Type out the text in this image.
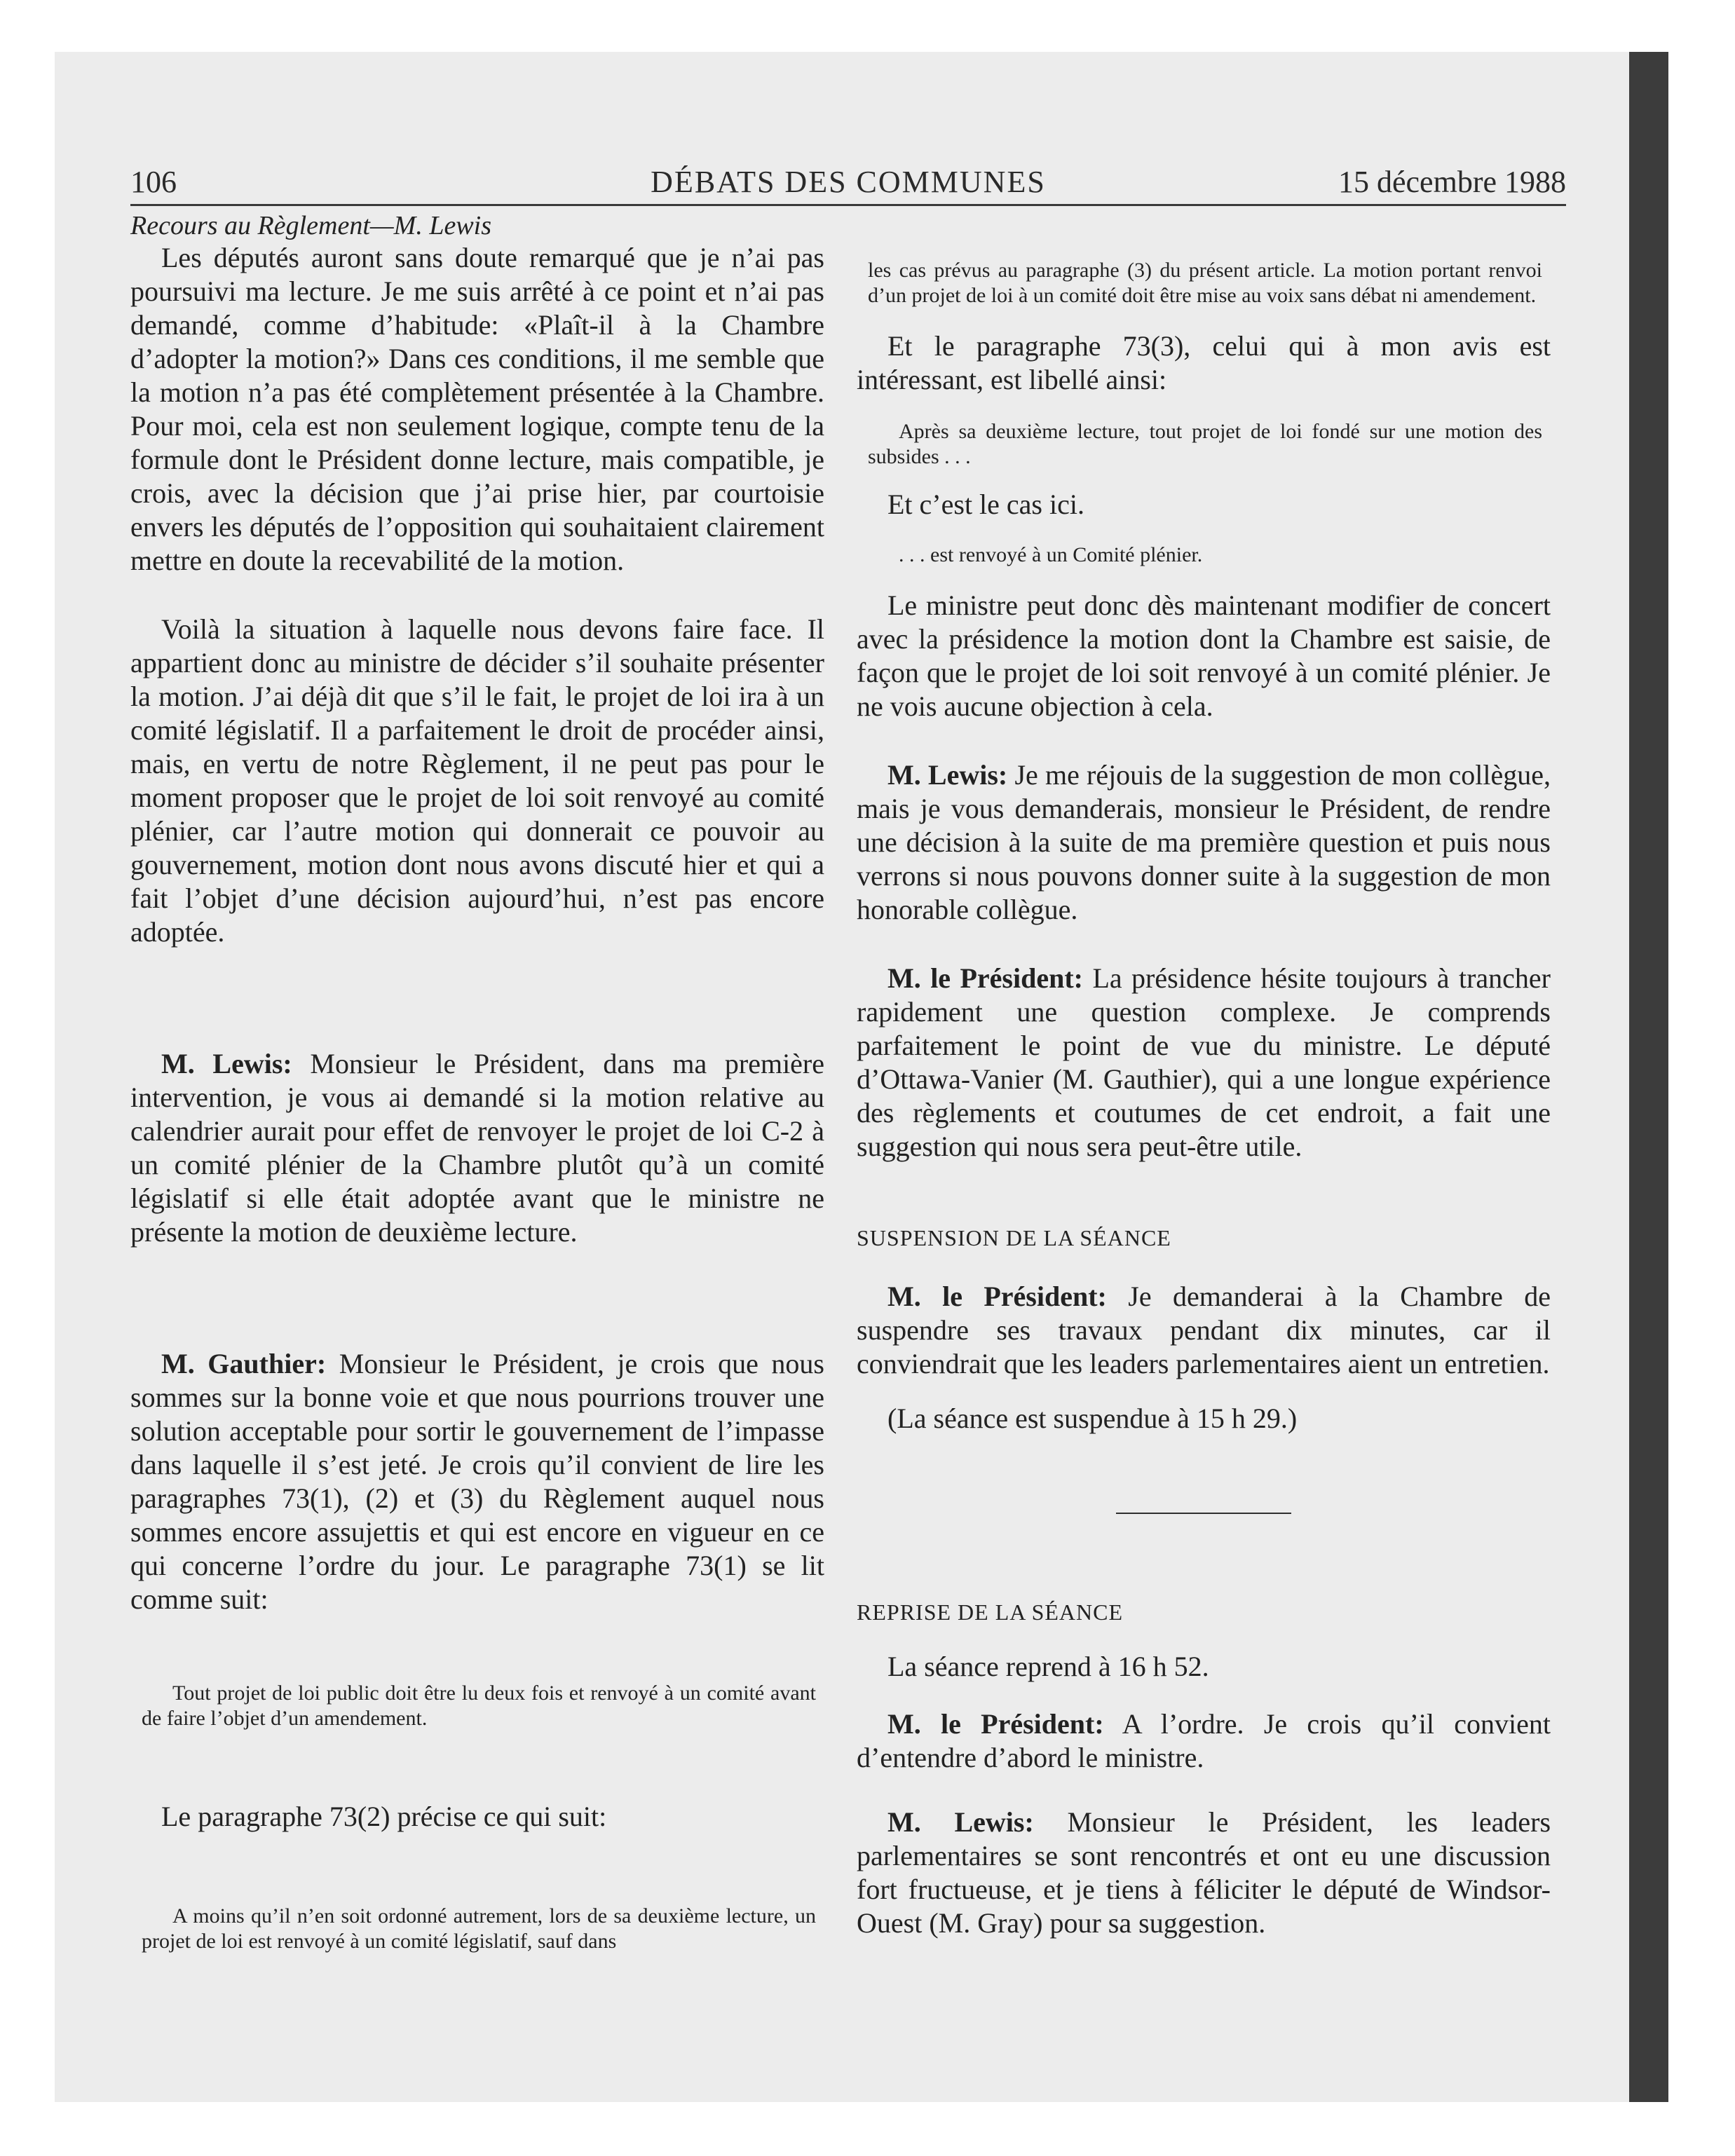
106	DÉBATS DES COMMUNES	15 décembre 1988

Recours au Règlement—M. Lewis

Les députés auront sans doute remarqué que je n’ai pas poursuivi ma lecture. Je me suis arrêté à ce point et n’ai pas demandé, comme d’habitude: «Plaît-il à la Chambre d’adopter la motion?» Dans ces conditions, il me semble que la motion n’a pas été complètement présentée à la Chambre. Pour moi, cela est non seulement logique, compte tenu de la formule dont le Président donne lecture, mais compatible, je crois, avec la décision que j’ai prise hier, par courtoisie envers les députés de l’opposition qui souhaitaient clairement mettre en doute la recevabilité de la motion.

Voilà la situation à laquelle nous devons faire face. Il appartient donc au ministre de décider s’il souhaite présenter la motion. J’ai déjà dit que s’il le fait, le projet de loi ira à un comité législatif. Il a parfaitement le droit de procéder ainsi, mais, en vertu de notre Règlement, il ne peut pas pour le moment proposer que le projet de loi soit renvoyé au comité plénier, car l’autre motion qui donnerait ce pouvoir au gouvernement, motion dont nous avons discuté hier et qui a fait l’objet d’une décision aujourd’hui, n’est pas encore adoptée.

M. Lewis: Monsieur le Président, dans ma première intervention, je vous ai demandé si la motion relative au calendrier aurait pour effet de renvoyer le projet de loi C-2 à un comité plénier de la Chambre plutôt qu’à un comité législatif si elle était adoptée avant que le ministre ne présente la motion de deuxième lecture.

M. Gauthier: Monsieur le Président, je crois que nous sommes sur la bonne voie et que nous pourrions trouver une solution acceptable pour sortir le gouvernement de l’impasse dans laquelle il s’est jeté. Je crois qu’il convient de lire les paragraphes 73(1), (2) et (3) du Règlement auquel nous sommes encore assujettis et qui est encore en vigueur en ce qui concerne l’ordre du jour. Le paragraphe 73(1) se lit comme suit:

Tout projet de loi public doit être lu deux fois et renvoyé à un comité avant de faire l’objet d’un amendement.

Le paragraphe 73(2) précise ce qui suit:

A moins qu’il n’en soit ordonné autrement, lors de sa deuxième lecture, un projet de loi est renvoyé à un comité législatif, sauf dans

les cas prévus au paragraphe (3) du présent article. La motion portant renvoi d’un projet de loi à un comité doit être mise au voix sans débat ni amendement.

Et le paragraphe 73(3), celui qui à mon avis est intéressant, est libellé ainsi:

Après sa deuxième lecture, tout projet de loi fondé sur une motion des subsides . . .

Et c’est le cas ici.

. . . est renvoyé à un Comité plénier.

Le ministre peut donc dès maintenant modifier de concert avec la présidence la motion dont la Chambre est saisie, de façon que le projet de loi soit renvoyé à un comité plénier. Je ne vois aucune objection à cela.

M. Lewis: Je me réjouis de la suggestion de mon collègue, mais je vous demanderais, monsieur le Président, de rendre une décision à la suite de ma première question et puis nous verrons si nous pouvons donner suite à la suggestion de mon honorable collègue.

M. le Président: La présidence hésite toujours à trancher rapidement une question complexe. Je comprends parfaitement le point de vue du ministre. Le député d’Ottawa-Vanier (M. Gauthier), qui a une longue expérience des règlements et coutumes de cet endroit, a fait une suggestion qui nous sera peut-être utile.

SUSPENSION DE LA SÉANCE

M. le Président: Je demanderai à la Chambre de suspendre ses travaux pendant dix minutes, car il conviendrait que les leaders parlementaires aient un entretien.

(La séance est suspendue à 15 h 29.)

REPRISE DE LA SÉANCE

La séance reprend à 16 h 52.

M. le Président: A l’ordre. Je crois qu’il convient d’entendre d’abord le ministre.

M. Lewis: Monsieur le Président, les leaders parlementaires se sont rencontrés et ont eu une discussion fort fructueuse, et je tiens à féliciter le député de Windsor-Ouest (M. Gray) pour sa suggestion.
